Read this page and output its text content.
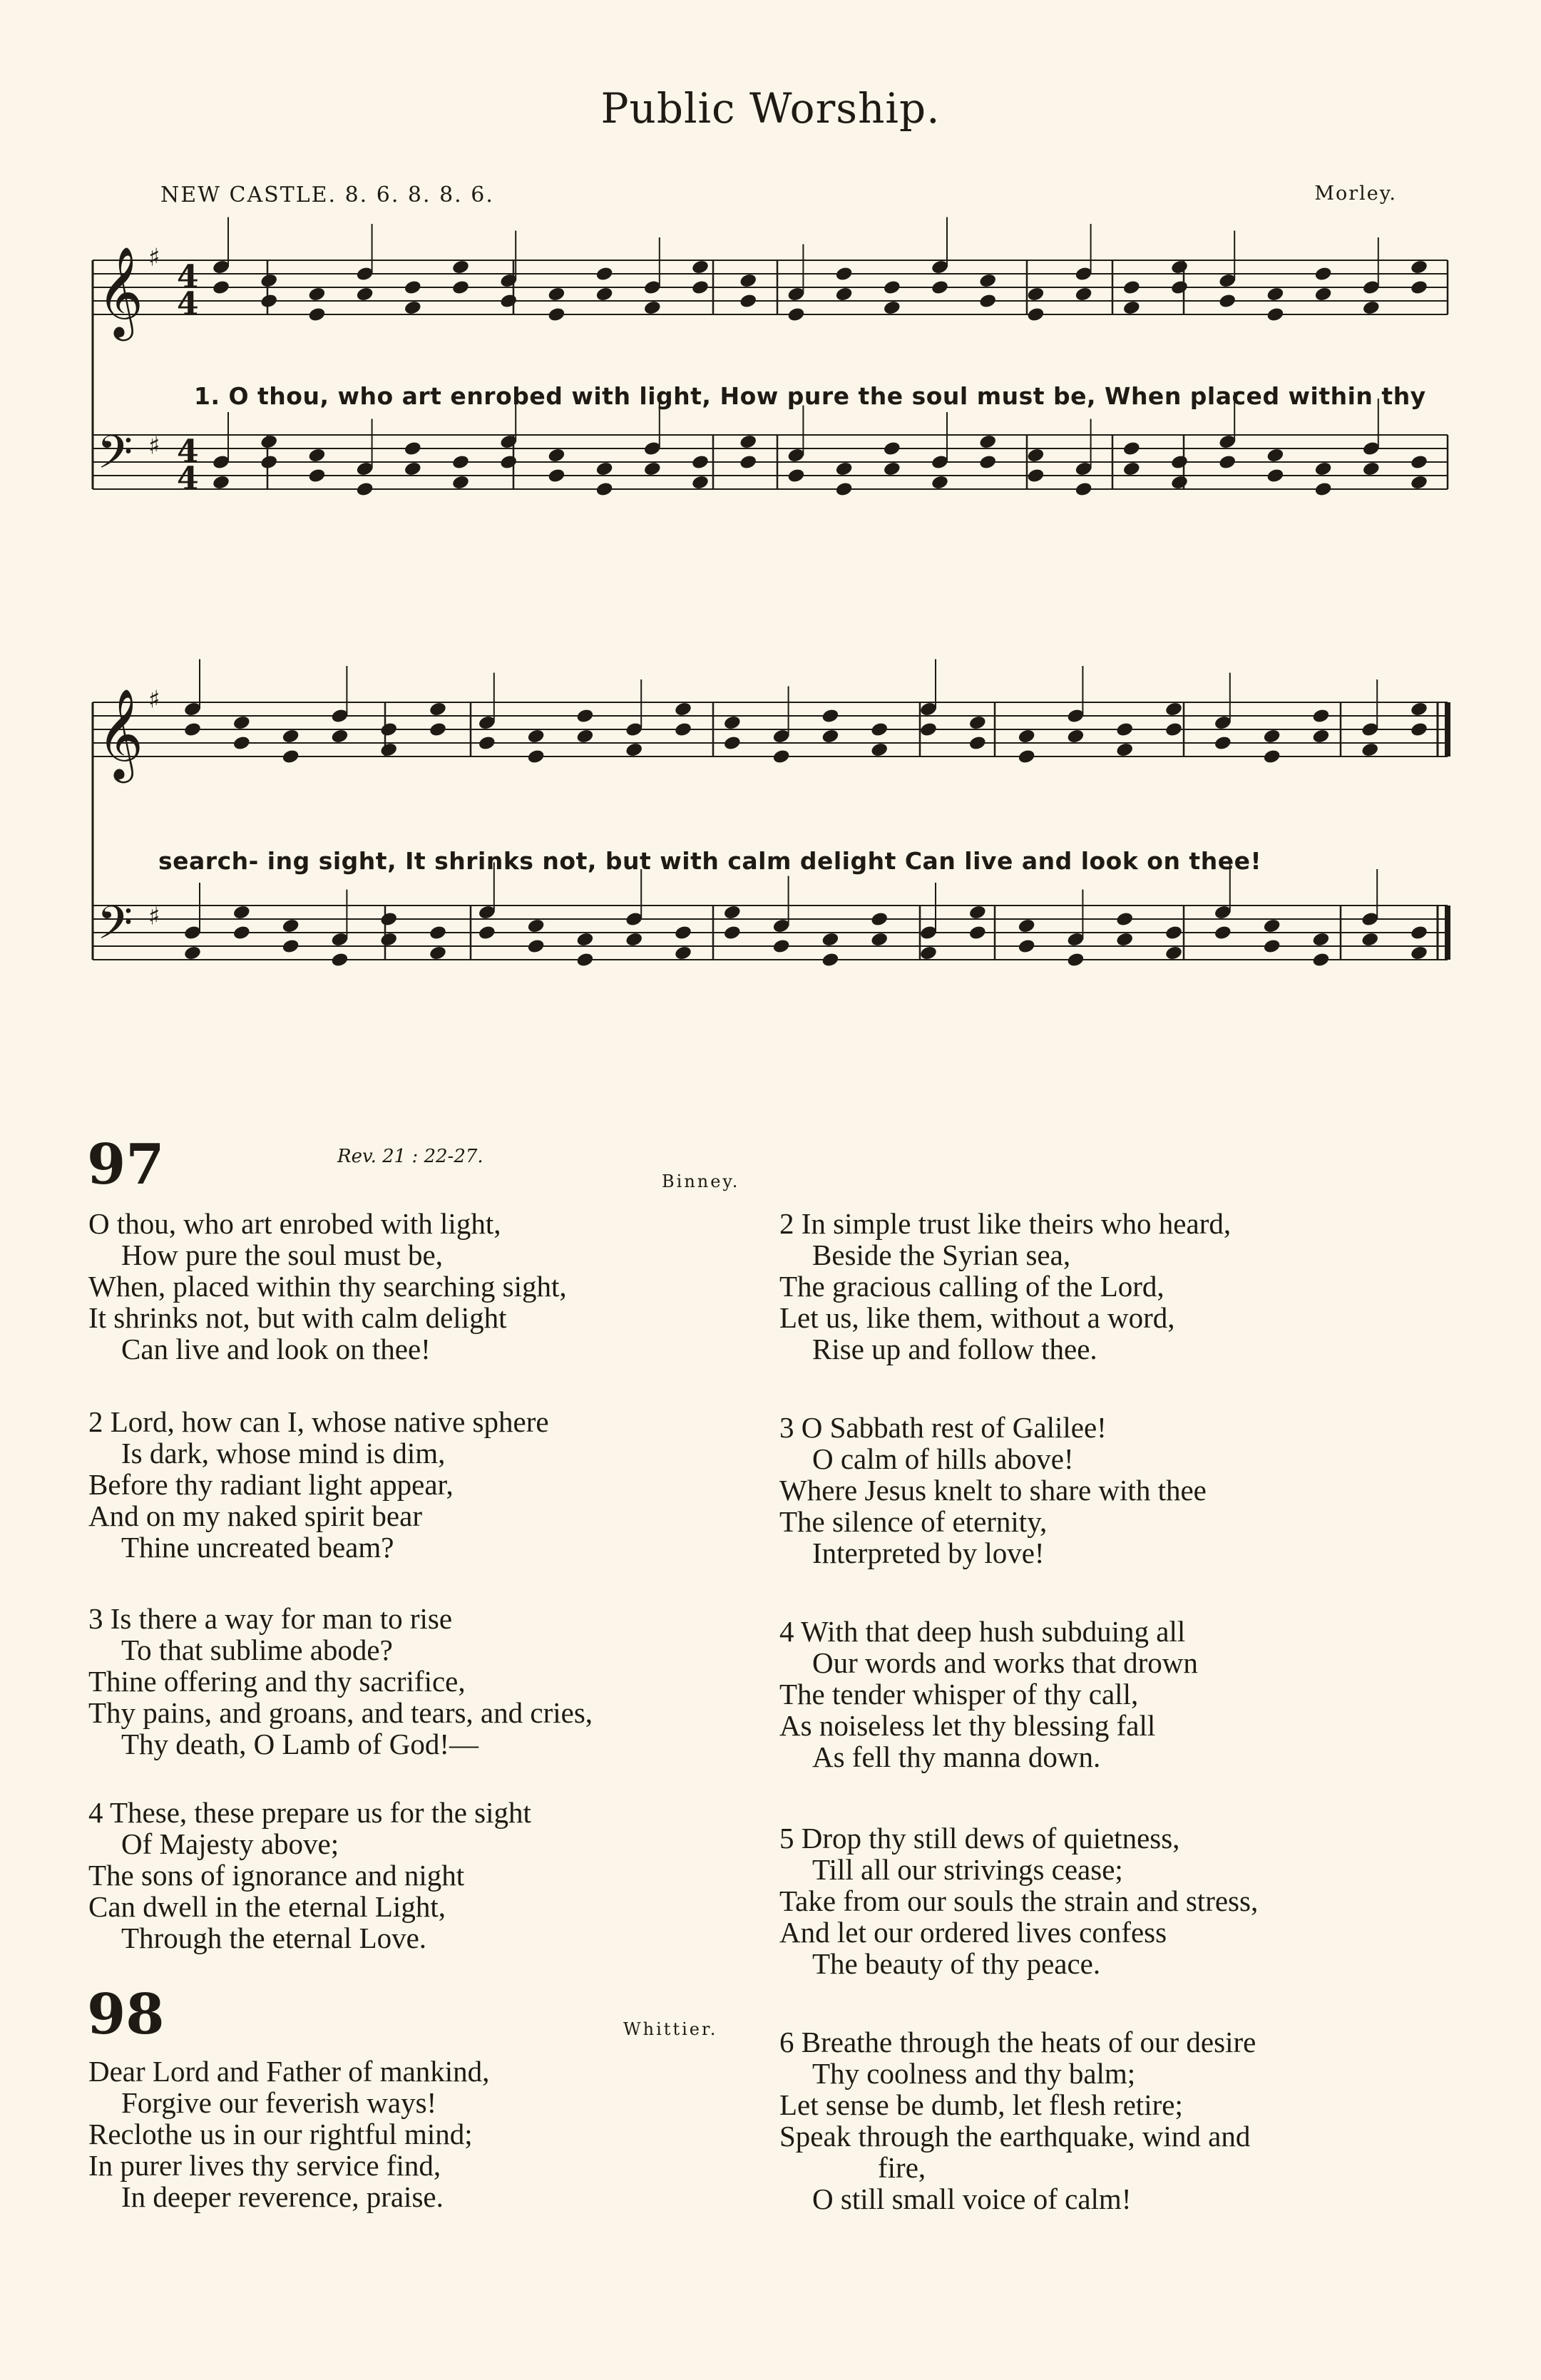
Public Worship.
NEW CASTLE. 8. 6. 8. 8. 6.	Morley.
𝄞 4
4
♯
𝄢 4
4
♯
𝄞 ♯
𝄢 ♯
1. O thou, who art enrobed with light, How pure the soul must be, When placed within thy
search- ing sight, It shrinks not, but with calm delight Can live and look on thee!
97	Rev. 21 : 22-27.
Binney.
O thou, who art enrobed with light,
How pure the soul must be,
When, placed within thy searching sight,
It shrinks not, but with calm delight
Can live and look on thee!
2 Lord, how can I, whose native sphere
Is dark, whose mind is dim,
Before thy radiant light appear,
And on my naked spirit bear
Thine uncreated beam?
3 Is there a way for man to rise
To that sublime abode?
Thine offering and thy sacrifice,
Thy pains, and groans, and tears, and cries,
Thy death, O Lamb of God!—
4 These, these prepare us for the sight
Of Majesty above;
The sons of ignorance and night
Can dwell in the eternal Light,
Through the eternal Love.
98	Whittier.
Dear Lord and Father of mankind,
Forgive our feverish ways!
Reclothe us in our rightful mind;
In purer lives thy service find,
In deeper reverence, praise.
2 In simple trust like theirs who heard,
Beside the Syrian sea,
The gracious calling of the Lord,
Let us, like them, without a word,
Rise up and follow thee.
3 O Sabbath rest of Galilee!
O calm of hills above!
Where Jesus knelt to share with thee
The silence of eternity,
Interpreted by love!
4 With that deep hush subduing all
Our words and works that drown
The tender whisper of thy call,
As noiseless let thy blessing fall
As fell thy manna down.
5 Drop thy still dews of quietness,
Till all our strivings cease;
Take from our souls the strain and stress,
And let our ordered lives confess
The beauty of thy peace.
6 Breathe through the heats of our desire
Thy coolness and thy balm;
Let sense be dumb, let flesh retire;
Speak through the earthquake, wind and
fire,
O still small voice of calm!
